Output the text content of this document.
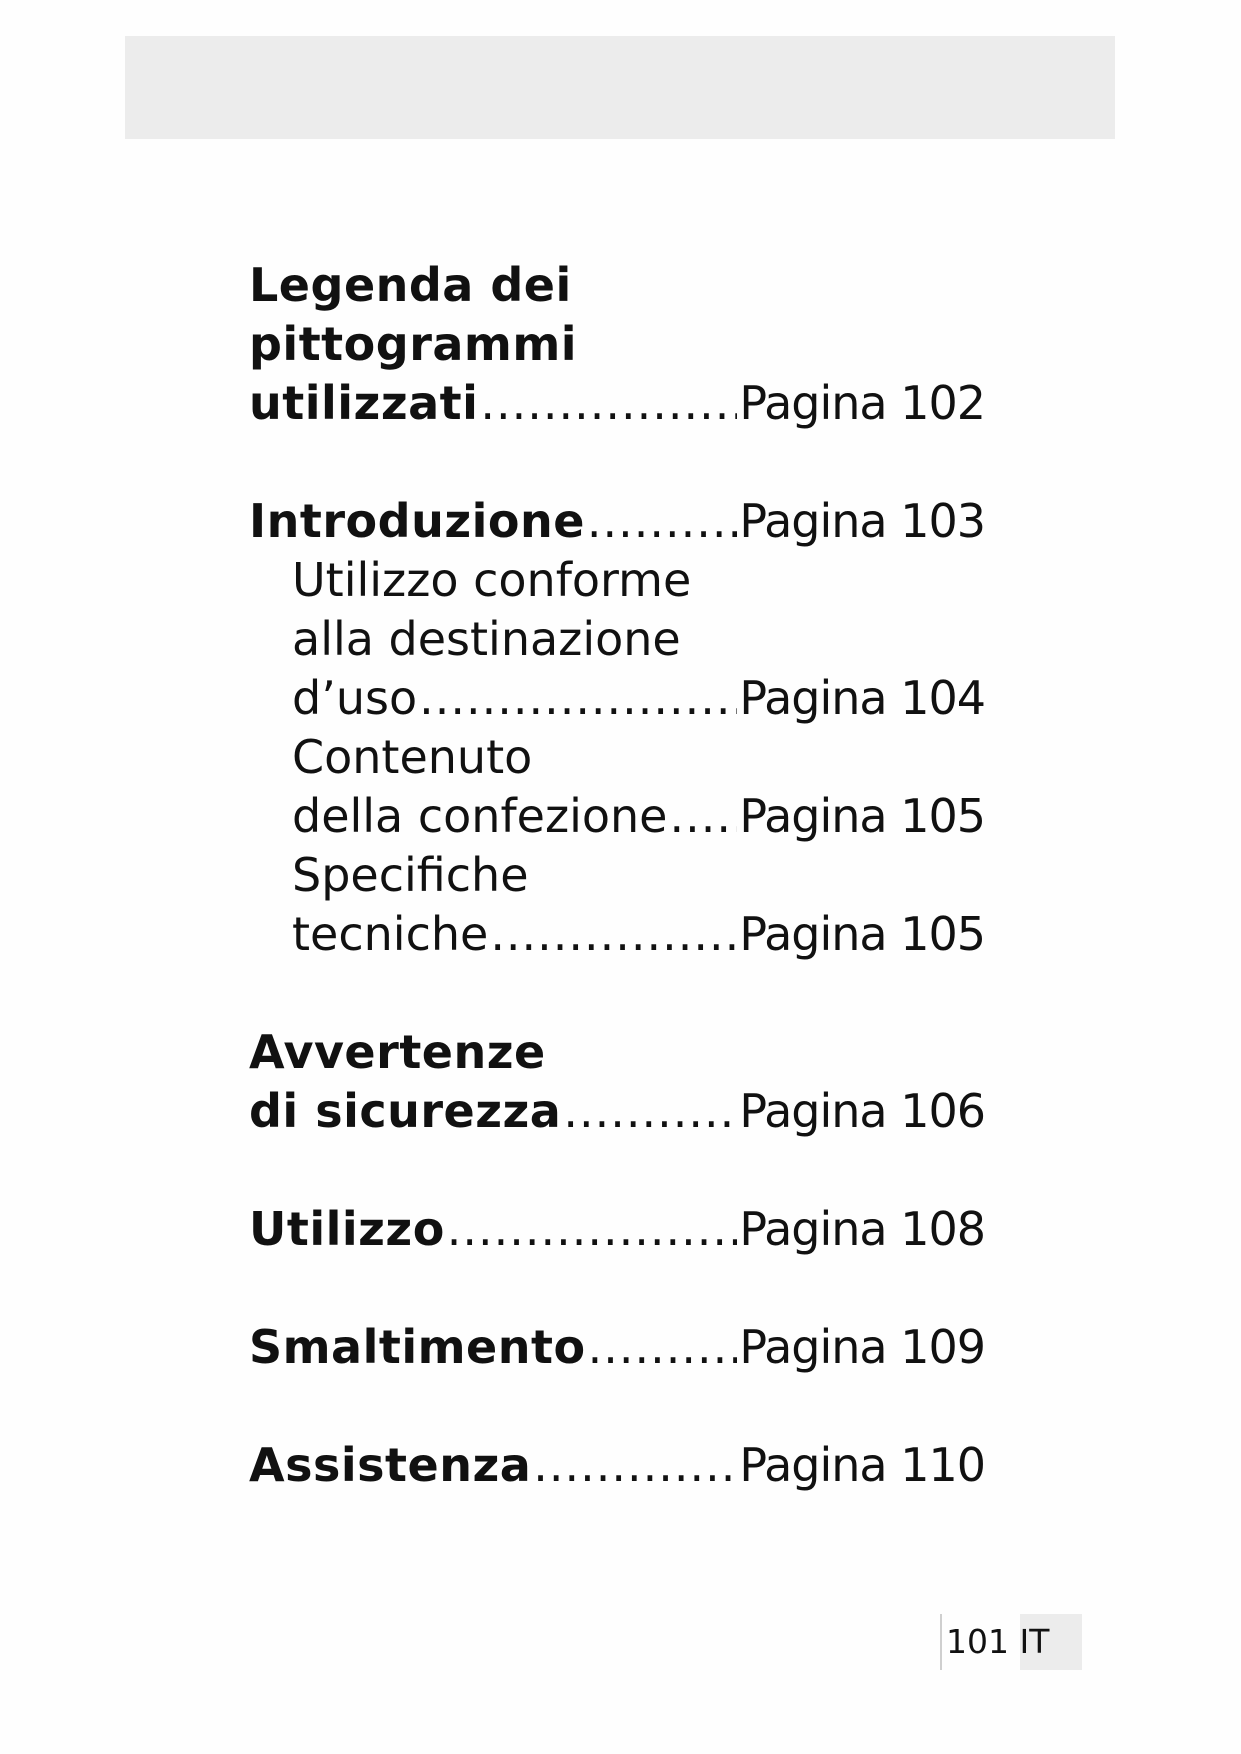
Legenda dei
pittogrammi
utilizzati .....	Pagina 102
Introduzione .....	Pagina 103
Utilizzo conforme
alla destinazione
d’uso .....	Pagina 104
Contenuto
della confezione ..... Pagina 105
Specifiche
tecniche .....	Pagina 105
Avvertenze
di sicurezza .....	Pagina 106
Utilizzo .....	Pagina 108
Smaltimento .....	Pagina 109
Assistenza .....	Pagina 110
101 IT
